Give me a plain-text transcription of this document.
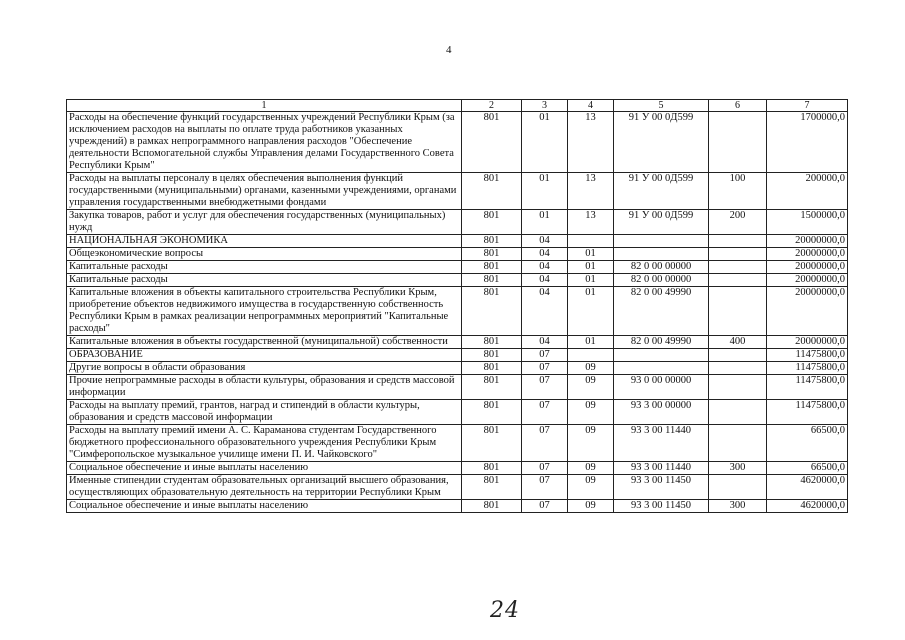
4
1	2	3	4	5	6	7
Расходы на обеспечение функций государственных учреждений Республики Крым (за исключением расходов на выплаты по оплате труда работников указанных учреждений) в рамках непрограммного направления расходов "Обеспечение деятельности Вспомогательной службы Управления делами Государственного Совета Республики Крым"	801	01	13	91 У 00 0Д599		1700000,0
Расходы на выплаты персоналу в целях обеспечения выполнения функций государственными (муниципальными) органами, казенными учреждениями, органами управления государственными внебюджетными фондами	801	01	13	91 У 00 0Д599	100	200000,0
Закупка товаров, работ и услуг для обеспечения государственных (муниципальных) нужд	801	01	13	91 У 00 0Д599	200	1500000,0
НАЦИОНАЛЬНАЯ ЭКОНОМИКА	801	04				20000000,0
Общеэкономические вопросы	801	04	01			20000000,0
Капитальные расходы	801	04	01	82 0 00 00000		20000000,0
Капитальные расходы	801	04	01	82 0 00 00000		20000000,0
Капитальные вложения в объекты капитального строительства Республики Крым, приобретение объектов недвижимого имущества в государственную собственность Республики Крым в рамках реализации непрограммных мероприятий "Капитальные расходы"	801	04	01	82 0 00 49990		20000000,0
Капитальные вложения в объекты государственной (муниципальной) собственности	801	04	01	82 0 00 49990	400	20000000,0
ОБРАЗОВАНИЕ	801	07				11475800,0
Другие вопросы в области образования	801	07	09			11475800,0
Прочие непрограммные расходы в области культуры, образования и средств массовой информации	801	07	09	93 0 00 00000		11475800,0
Расходы на выплату премий, грантов, наград и стипендий в области культуры, образования и средств массовой информации	801	07	09	93 3 00 00000		11475800,0
Расходы на выплату премий имени А. С. Караманова студентам Государственного бюджетного профессионального образовательного учреждения Республики Крым "Симферопольское музыкальное училище имени П. И. Чайковского"	801	07	09	93 3 00 11440		66500,0
Социальное обеспечение и иные выплаты населению	801	07	09	93 3 00 11440	300	66500,0
Именные стипендии студентам образовательных организаций высшего образования, осуществляющих образовательную деятельность на территории Республики Крым	801	07	09	93 3 00 11450		4620000,0
Социальное обеспечение и иные выплаты населению	801	07	09	93 3 00 11450	300	4620000,0
24
